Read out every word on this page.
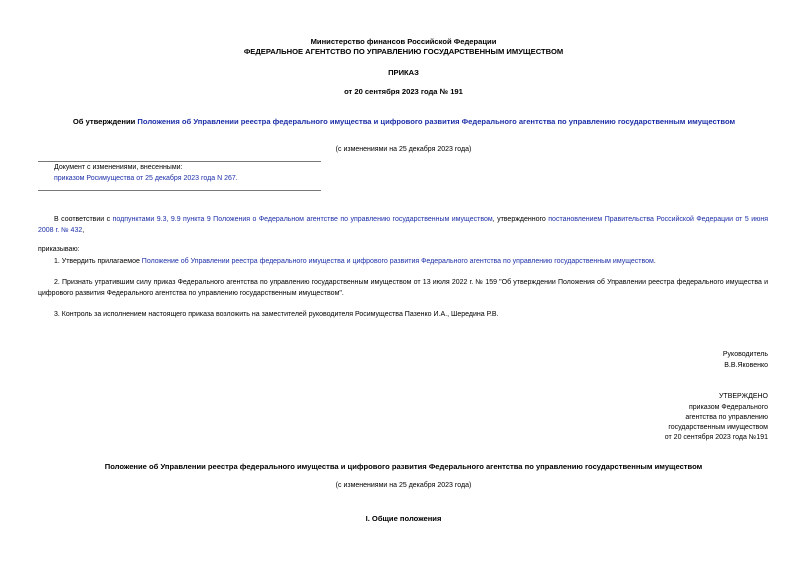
Министерство финансов Российской Федерации
ФЕДЕРАЛЬНОЕ АГЕНТСТВО ПО УПРАВЛЕНИЮ ГОСУДАРСТВЕННЫМ ИМУЩЕСТВОМ
ПРИКАЗ
от 20 сентября 2023 года № 191
Об утверждении Положения об Управлении реестра федерального имущества и цифрового развития Федерального агентства по управлению государственным имуществом
(с изменениями на 25 декабря 2023 года)
Документ с изменениями, внесенными:
приказом Росимущества от 25 декабря 2023 года N 267.
В соответствии с подпунктами 9.3, 9.9 пункта 9 Положения о Федеральном агентстве по управлению государственным имуществом, утвержденного постановлением Правительства Российской Федерации от 5 июня 2008 г. № 432,
приказываю:
1. Утвердить прилагаемое Положение об Управлении реестра федерального имущества и цифрового развития Федерального агентства по управлению государственным имуществом.
2. Признать утратившим силу приказ Федерального агентства по управлению государственным имуществом от 13 июля 2022 г. № 159 "Об утверждении Положения об Управлении реестра федерального имущества и цифрового развития Федерального агентства по управлению государственным имуществом".
3. Контроль за исполнением настоящего приказа возложить на заместителей руководителя Росимущества Пазенко И.А., Шередина Р.В.
Руководитель
В.В.Яковенко
УТВЕРЖДЕНО
приказом Федерального
агентства по управлению
государственным имуществом
от 20 сентября 2023 года №191
Положение об Управлении реестра федерального имущества и цифрового развития Федерального агентства по управлению государственным имуществом
(с изменениями на 25 декабря 2023 года)
I. Общие положения
